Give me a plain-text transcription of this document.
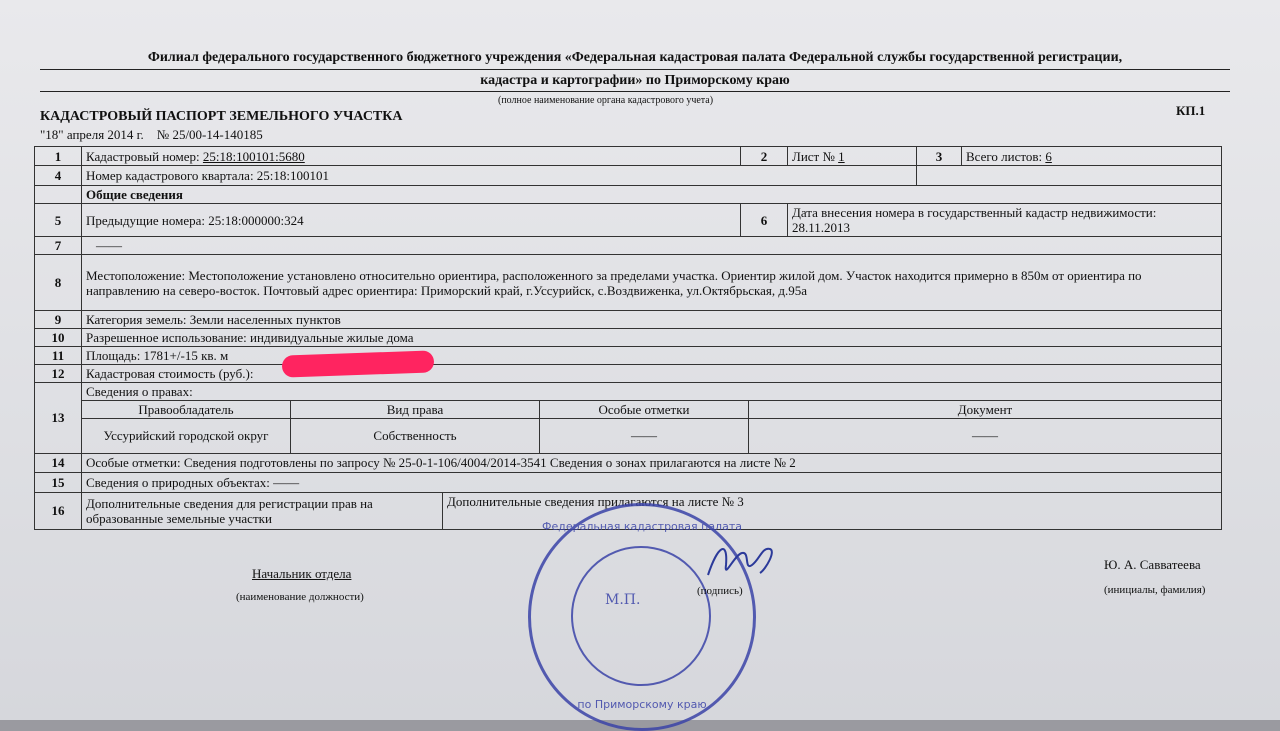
Филиал федерального государственного бюджетного учреждения «Федеральная кадастровая палата Федеральной службы государственной регистрации,
кадастра и картографии» по Приморскому краю
(полное наименование органа кадастрового учета)
КАДАСТРОВЫЙ ПАСПОРТ ЗЕМЕЛЬНОГО УЧАСТКА	КП.1
"18" апреля 2014 г. № 25/00-14-140185
1	Кадастровый номер: 25:18:100101:5680	2	Лист № 1	3	Всего листов: 6
4	Номер кадастрового квартала: 25:18:100101	
	Общие сведения
5	Предыдущие номера: 25:18:000000:324	6	Дата внесения номера в государственный кадастр недвижимости: 28.11.2013
7	——
8	Местоположение: Местоположение установлено относительно ориентира, расположенного за пределами участка. Ориентир жилой дом. Участок находится примерно в 850м от ориентира по направлению на северо-восток. Почтовый адрес ориентира: Приморский край, г.Уссурийск, с.Воздвиженка, ул.Октябрьская, д.95а
9	Категория земель: Земли населенных пунктов
10	Разрешенное использование: индивидуальные жилые дома
11	Площадь: 1781+/-15 кв. м
12	Кадастровая стоимость (руб.):
13	
Сведения о правах:
Правообладатель	Вид права	Особые отметки	Документ
Уссурийский городской округ	Собственность	——	——

14	Особые отметки: Сведения подготовлены по запросу № 25-0-1-106/4004/2014-3541 Сведения о зонах прилагаются на листе № 2
15	Сведения о природных объектах: ——
16	Дополнительные сведения для регистрации прав на образованные земельные участки	Дополнительные сведения прилагаются на листе № 3
Начальник отдела
(наименование должности)
Федеральная кадастровая палата
М.П.
по Приморскому краю
(подпись)
Ю. А. Савватеева
(инициалы, фамилия)
